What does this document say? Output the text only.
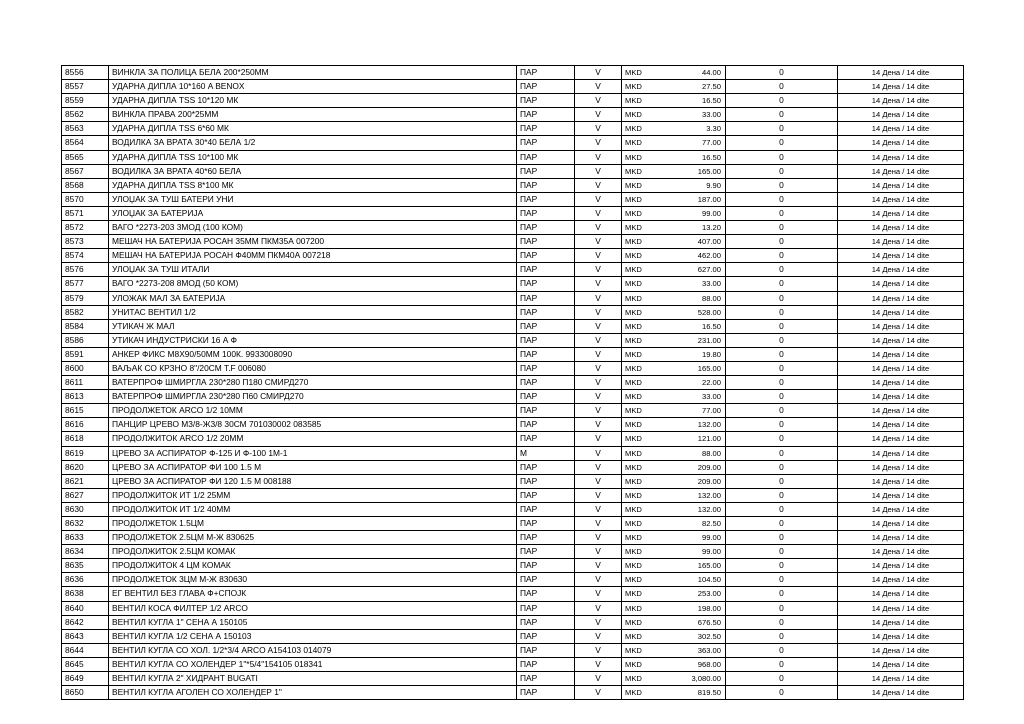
8556	ВИНКЛА ЗА ПОЛИЦА БЕЛА 200*250ММ	ПАР	V	MKD	44.00	0	14 Дена / 14 dite
8557	УДАРНА ДИПЛА 10*160 A BENOX	ПАР	V	MKD	27.50	0	14 Дена / 14 dite
8559	УДАРНА ДИПЛА TSS 10*120 МК	ПАР	V	MKD	16.50	0	14 Дена / 14 dite
8562	ВИНКЛА ПРАВА 200*25ММ	ПАР	V	MKD	33.00	0	14 Дена / 14 dite
8563	УДАРНА ДИПЛА TSS 6*60 МК	ПАР	V	MKD	3.30	0	14 Дена / 14 dite
8564	ВОДИЛКА ЗА ВРАТА 30*40 БЕЛА 1/2	ПАР	V	MKD	77.00	0	14 Дена / 14 dite
8565	УДАРНА ДИПЛА TSS 10*100 МК	ПАР	V	MKD	16.50	0	14 Дена / 14 dite
8567	ВОДИЛКА ЗА ВРАТА 40*60 БЕЛА	ПАР	V	MKD	165.00	0	14 Дена / 14 dite
8568	УДАРНА ДИПЛА TSS 8*100 МК	ПАР	V	MKD	9.90	0	14 Дена / 14 dite
8570	УЛОЏАК ЗА ТУШ БАТЕРИ УНИ	ПАР	V	MKD	187.00	0	14 Дена / 14 dite
8571	УЛОЏАК ЗА БАТЕРИЈА	ПАР	V	MKD	99.00	0	14 Дена / 14 dite
8572	ВАГО *2273-203 3МОД (100 КОМ)	ПАР	V	MKD	13.20	0	14 Дена / 14 dite
8573	МЕШАЧ НА БАТЕРИЈА РОСАН 35ММ ПКМ35А 007200	ПАР	V	MKD	407.00	0	14 Дена / 14 dite
8574	МЕШАЧ НА БАТЕРИЈА РОСАН Ф40ММ ПКМ40А 007218	ПАР	V	MKD	462.00	0	14 Дена / 14 dite
8576	УЛОЏАК ЗА ТУШ ИТАЛИ	ПАР	V	MKD	627.00	0	14 Дена / 14 dite
8577	ВАГО *2273-208 8МОД (50 КОМ)	ПАР	V	MKD	33.00	0	14 Дена / 14 dite
8579	УЛОЖАК МАЛ ЗА БАТЕРИЈА	ПАР	V	MKD	88.00	0	14 Дена / 14 dite
8582	УНИТАС ВЕНТИЛ 1/2	ПАР	V	MKD	528.00	0	14 Дена / 14 dite
8584	УТИКАЧ Ж МАЛ	ПАР	V	MKD	16.50	0	14 Дена / 14 dite
8586	УТИКАЧ ИНДУСТРИСКИ 16 А Ф	ПАР	V	MKD	231.00	0	14 Дена / 14 dite
8591	АНКЕР ФИКС М8Х90/50ММ 100К. 9933008090	ПАР	V	MKD	19.80	0	14 Дена / 14 dite
8600	ВАЉАК СО КРЗНО 8"/20СМ T.F 006080	ПАР	V	MKD	165.00	0	14 Дена / 14 dite
8611	ВАТЕРПРОФ ШМИРГЛА 230*280 П180 СМИРД270	ПАР	V	MKD	22.00	0	14 Дена / 14 dite
8613	ВАТЕРПРОФ ШМИРГЛА 230*280 П60 СМИРД270	ПАР	V	MKD	33.00	0	14 Дена / 14 dite
8615	ПРОДОЛЖЕТОК ARCO 1/2 10ММ	ПАР	V	MKD	77.00	0	14 Дена / 14 dite
8616	ПАНЦИР ЦРЕВО М3/8-Ж3/8 30СМ 701030002 083585	ПАР	V	MKD	132.00	0	14 Дена / 14 dite
8618	ПРОДОЛЖИТОК ARCO 1/2 20ММ	ПАР	V	MKD	121.00	0	14 Дена / 14 dite
8619	ЦРЕВО ЗА АСПИРАТОР Ф-125 И Ф-100 1М-1	М	V	MKD	88.00	0	14 Дена / 14 dite
8620	ЦРЕВО ЗА АСПИРАТОР ФИ 100 1.5 М	ПАР	V	MKD	209.00	0	14 Дена / 14 dite
8621	ЦРЕВО ЗА АСПИРАТОР ФИ 120 1.5 М 008188	ПАР	V	MKD	209.00	0	14 Дена / 14 dite
8627	ПРОДОЛЖИТОК ИТ 1/2 25ММ	ПАР	V	MKD	132.00	0	14 Дена / 14 dite
8630	ПРОДОЛЖИТОК ИТ 1/2 40ММ	ПАР	V	MKD	132.00	0	14 Дена / 14 dite
8632	ПРОДОЛЖЕТОК 1.5ЦМ	ПАР	V	MKD	82.50	0	14 Дена / 14 dite
8633	ПРОДОЛЖЕТОК 2.5ЦМ М-Ж 830625	ПАР	V	MKD	99.00	0	14 Дена / 14 dite
8634	ПРОДОЛЖИТОК 2.5ЦМ КОМАК	ПАР	V	MKD	99.00	0	14 Дена / 14 dite
8635	ПРОДОЛЖИТОК 4 ЦМ КОМАК	ПАР	V	MKD	165.00	0	14 Дена / 14 dite
8636	ПРОДОЛЖЕТОК 3ЦМ М-Ж 830630	ПАР	V	MKD	104.50	0	14 Дена / 14 dite
8638	ЕГ ВЕНТИЛ БЕЗ ГЛАВА Ф+СПОЈК	ПАР	V	MKD	253.00	0	14 Дена / 14 dite
8640	ВЕНТИЛ КОСА ФИЛТЕР 1/2 ARCO	ПАР	V	MKD	198.00	0	14 Дена / 14 dite
8642	ВЕНТИЛ КУГЛА 1" СЕНА А 150105	ПАР	V	MKD	676.50	0	14 Дена / 14 dite
8643	ВЕНТИЛ КУГЛА 1/2 СЕНА А 150103	ПАР	V	MKD	302.50	0	14 Дена / 14 dite
8644	ВЕНТИЛ КУГЛА СО ХОЛ. 1/2*3/4 ARCO A154103 014079	ПАР	V	MKD	363.00	0	14 Дена / 14 dite
8645	ВЕНТИЛ КУГЛА СО ХОЛЕНДЕР 1"*5/4"154105 018341	ПАР	V	MKD	968.00	0	14 Дена / 14 dite
8649	ВЕНТИЛ КУГЛА 2" ХИДРАНТ BUGATI	ПАР	V	MKD	3,080.00	0	14 Дена / 14 dite
8650	ВЕНТИЛ КУГЛА АГОЛЕН СО ХОЛЕНДЕР 1"	ПАР	V	MKD	819.50	0	14 Дена / 14 dite
